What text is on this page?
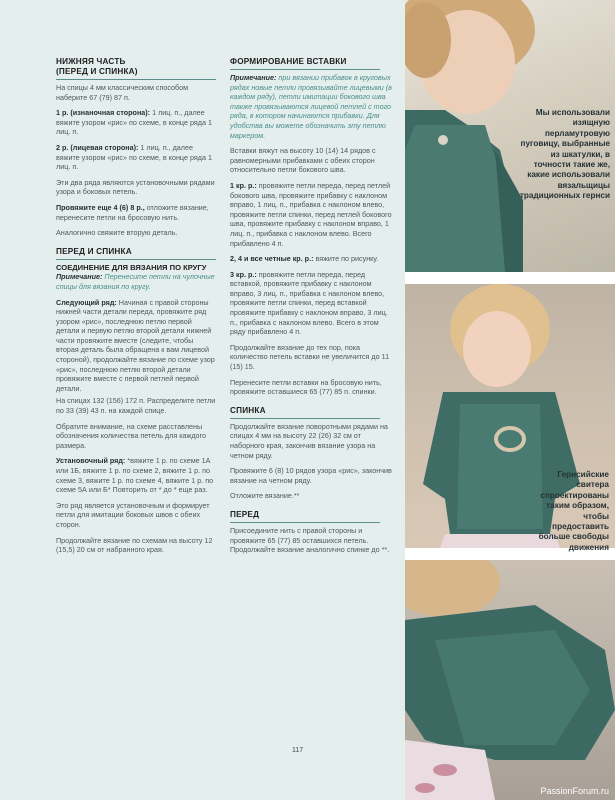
НИЖНЯЯ ЧАСТЬ
(ПЕРЕД И СПИНКА)

На спицы 4 мм классическим способом наберите 67 (79) 87 п.

1 р. (изнаночная сторона): 1 лиц. п., далее вяжите узором «рис» по схеме, в конце ряда 1 лиц. п.

2 р. (лицевая сторона): 1 лиц. п., далее вяжите узором «рис» по схеме, в конце ряда 1 лиц. п.

Эти два ряда являются установочными рядами узора и боковых петель.

Провяжите еще 4 (6) 8 р., отложите вязание, перенесите петли на бросовую нить.

Аналогично свяжите вторую деталь.

ПЕРЕД И СПИНКА
СОЕДИНЕНИЕ ДЛЯ ВЯЗАНИЯ ПО КРУГУ

Примечание: Перенесите петли на чулочные спицы для вязания по кругу.

Следующий ряд: Начиная с правой стороны нижней части детали переда, провяжите ряд узором «рис», последнюю петлю первой детали и первую петлю второй детали нижней части провяжите вместе (следите, чтобы вторая деталь была обращена к вам лицевой стороной), продолжайте вязание по схеме узор «рис», последнюю петлю второй детали провяжите вместе с первой петлей первой детали.

На спицах 132 (156) 172 п. Распределите петли по 33 (39) 43 п. на каждой спице.

Обратите внимание, на схеме расставлены обозначения количества петель для каждого размера.

Установочный ряд: *вяжите 1 р. по схеме 1А или 1Б, вяжите 1 р. по схеме 2, вяжите 1 р. по схеме 3, вяжите 1 р. по схеме 4, вяжите 1 р. по схеме 5А или Б* Повторить от * до * еще раз.

Это ряд является установочным и формирует петли для имитации боковых швов с обеих сторон.

Продолжайте вязание по схемам на высоту 12 (15,5) 20 см от набранного края.

ФОРМИРОВАНИЕ ВСТАВКИ

Примечание: при вязании прибавок в круговых рядах новые петли провязывайте лицевыми (в каждом ряду), петли имитации бокового шва также провязываются лицевой петлей с того ряда, в котором начинаются прибавки. Для удобства вы можете обозначить эту петлю маркером.

Вставки вяжут на высоту 10 (14) 14 рядов с равномерными прибавками с обеих сторон относительно петли бокового шва.

1 кр. р.: провяжите петли переда, перед петлей бокового шва, провяжите прибавку с наклоном вправо, 1 лиц. п., прибавка с наклоном влево, провяжите петли спинки, перед петлей бокового шва, провяжите прибавку с наклоном вправо, 1 лиц. п., прибавка с наклоном влево. Всего прибавлено 4 п.

2, 4 и все четные кр. р.: вяжите по рисунку.

3 кр. р.: провяжите петли переда, перед вставкой, провяжите прибавку с наклоном вправо, 3 лиц. п., прибавка с наклоном влево, провяжите петли спинки, перед вставкой провяжите прибавку с наклоном вправо, 3 лиц. п., прибавка с наклоном влево. Всего в этом ряду прибавлено 4 п.

Продолжайте вязание до тех пор, пока количество петель вставки не увеличится до 11 (15) 15.

Перенесите петли вставки на бросовую нить, провяжите оставшиеся 65 (77) 85 п. спинки.

СПИНКА

Продолжайте вязание поворотными рядами на спицах 4 мм на высоту 22 (26) 32 см от наборного края, закончив вязание узора на четном ряду.

Провяжите 6 (8) 10 рядов узора «рис», закончив вязание на четном ряду.

Отложите вязание.**

ПЕРЕД

Присоедините нить с правой стороны и провяжите 65 (77) 85 оставшихся петель. Продолжайте вязание аналогично спинке до **.

Мы использовали изящную перламутровую пуговицу, выбранные из шкатулки, в точности такие же, какие использовали вязальщицы традиционных гернси
Гернсийские свитера спроектированы таким образом, чтобы предоставить больше свободы движения
117
PassionForum.ru
